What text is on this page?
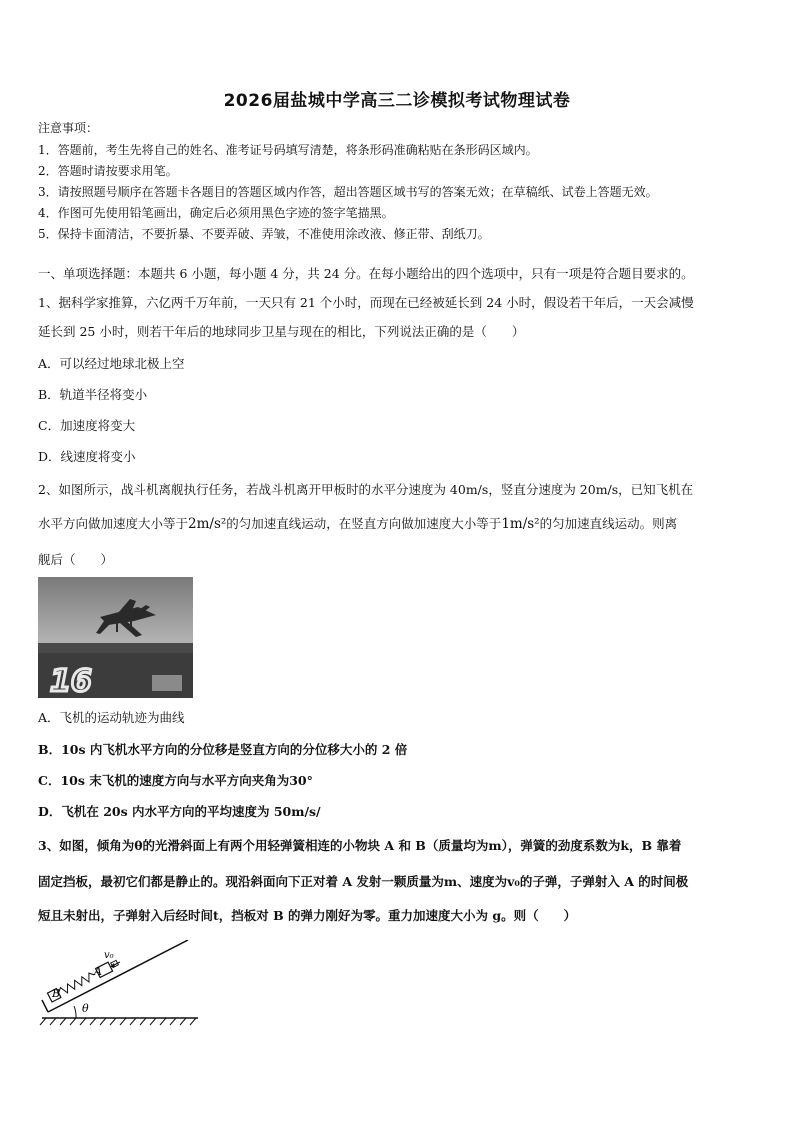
2026届盐城中学高三二诊模拟考试物理试卷
注意事项：
1．答题前，考生先将自己的姓名、准考证号码填写清楚，将条形码准确粘贴在条形码区域内。
2．答题时请按要求用笔。
3．请按照题号顺序在答题卡各题目的答题区域内作答，超出答题区域书写的答案无效；在草稿纸、试卷上答题无效。
4．作图可先使用铅笔画出，确定后必须用黑色字迹的签字笔描黑。
5．保持卡面清洁，不要折暴、不要弄破、弄皱，不准使用涂改液、修正带、刮纸刀。
一、单项选择题：本题共 6 小题，每小题 4 分，共 24 分。在每小题给出的四个选项中，只有一项是符合题目要求的。
1、据科学家推算，六亿两千万年前，一天只有 21 个小时，而现在已经被延长到 24 小时，假设若干年后，一天会减慢
延长到 25 小时，则若干年后的地球同步卫星与现在的相比，下列说法正确的是（　　）
A．可以经过地球北极上空
B．轨道半径将变小
C．加速度将变大
D．线速度将变小
2、如图所示，战斗机离舰执行任务，若战斗机离开甲板时的水平分速度为 40m/s，竖直分速度为 20m/s，已知飞机在
水平方向做加速度大小等于2m/s²的匀加速直线运动，在竖直方向做加速度大小等于1m/s²的匀加速直线运动。则离
舰后（　　）
16
A．飞机的运动轨迹为曲线
B．10s 内飞机水平方向的分位移是竖直方向的分位移大小的 2 倍
C．10s 末飞机的速度方向与水平方向夹角为30°
D．飞机在 20s 内水平方向的平均速度为 50m/s/
3、如图，倾角为θ的光滑斜面上有两个用轻弹簧相连的小物块 A 和 B（质量均为m），弹簧的劲度系数为k，B 靠着
固定挡板，最初它们都是静止的。现沿斜面向下正对着 A 发射一颗质量为m、速度为v₀的子弹，子弹射入 A 的时间极
短且未射出，子弹射入后经时间t，挡板对 B 的弹力刚好为零。重力加速度大小为 g。则（　　）
v₀
A
B
θ
